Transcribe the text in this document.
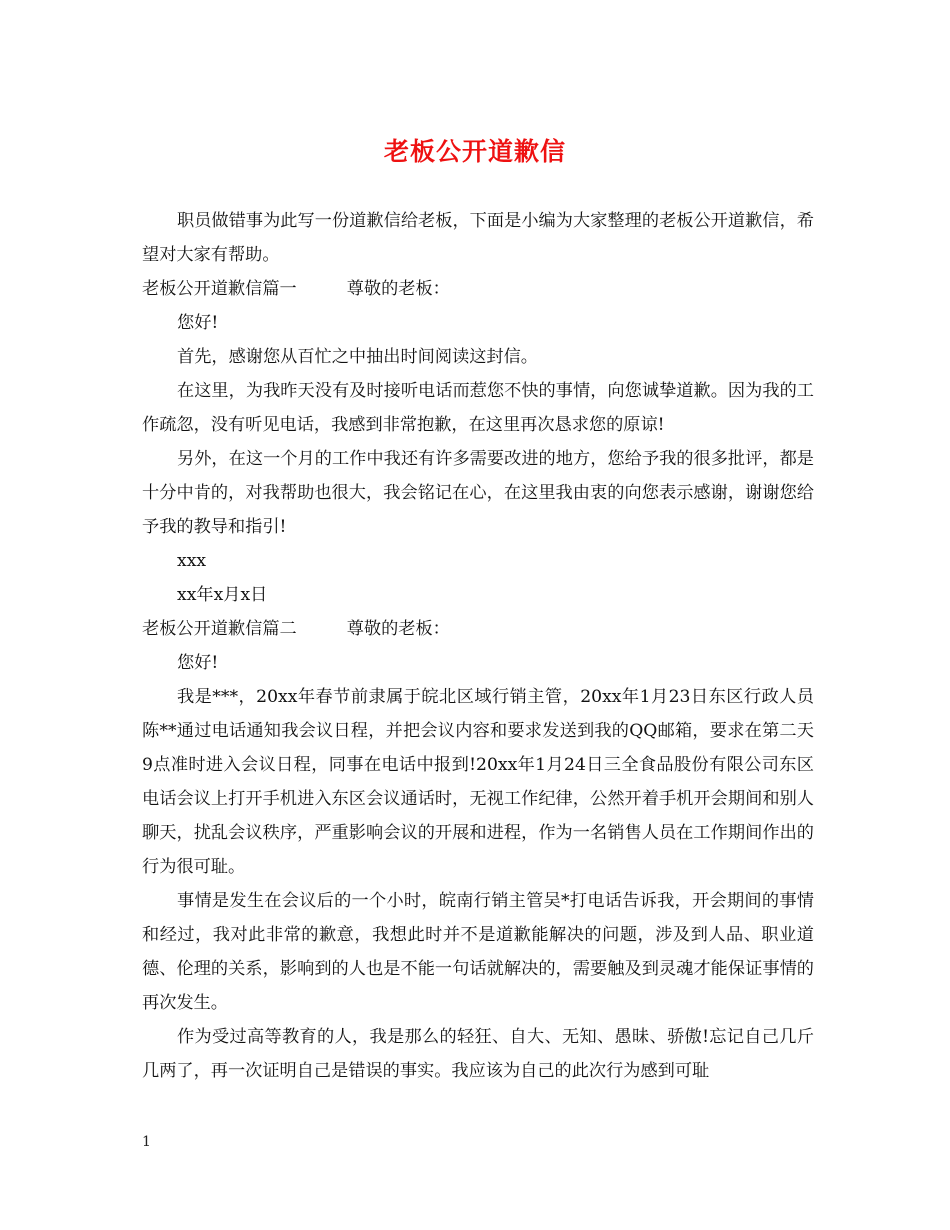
老板公开道歉信

职员做错事为此写一份道歉信给老板，下面是小编为大家整理的老板公开道歉信，希望对大家有帮助。

老板公开道歉信篇一	尊敬的老板：

您好!

首先，感谢您从百忙之中抽出时间阅读这封信。

在这里，为我昨天没有及时接听电话而惹您不快的事情，向您诚挚道歉。因为我的工作疏忽，没有听见电话，我感到非常抱歉，在这里再次恳求您的原谅!

另外，在这一个月的工作中我还有许多需要改进的地方，您给予我的很多批评，都是十分中肯的，对我帮助也很大，我会铭记在心，在这里我由衷的向您表示感谢，谢谢您给予我的教导和指引!

xxx

xx年x月x日

老板公开道歉信篇二	尊敬的老板：

您好!

我是***，20xx年春节前隶属于皖北区域行销主管，20xx年1月23日东区行政人员陈**通过电话通知我会议日程，并把会议内容和要求发送到我的QQ邮箱，要求在第二天9点准时进入会议日程，同事在电话中报到!20xx年1月24日三全食品股份有限公司东区电话会议上打开手机进入东区会议通话时，无视工作纪律，公然开着手机开会期间和别人聊天，扰乱会议秩序，严重影响会议的开展和进程，作为一名销售人员在工作期间作出的行为很可耻。

事情是发生在会议后的一个小时，皖南行销主管吴*打电话告诉我，开会期间的事情和经过，我对此非常的歉意，我想此时并不是道歉能解决的问题，涉及到人品、职业道德、伦理的关系，影响到的人也是不能一句话就解决的，需要触及到灵魂才能保证事情的再次发生。

作为受过高等教育的人，我是那么的轻狂、自大、无知、愚昧、骄傲!忘记自己几斤几两了，再一次证明自己是错误的事实。我应该为自己的此次行为感到可耻

1
